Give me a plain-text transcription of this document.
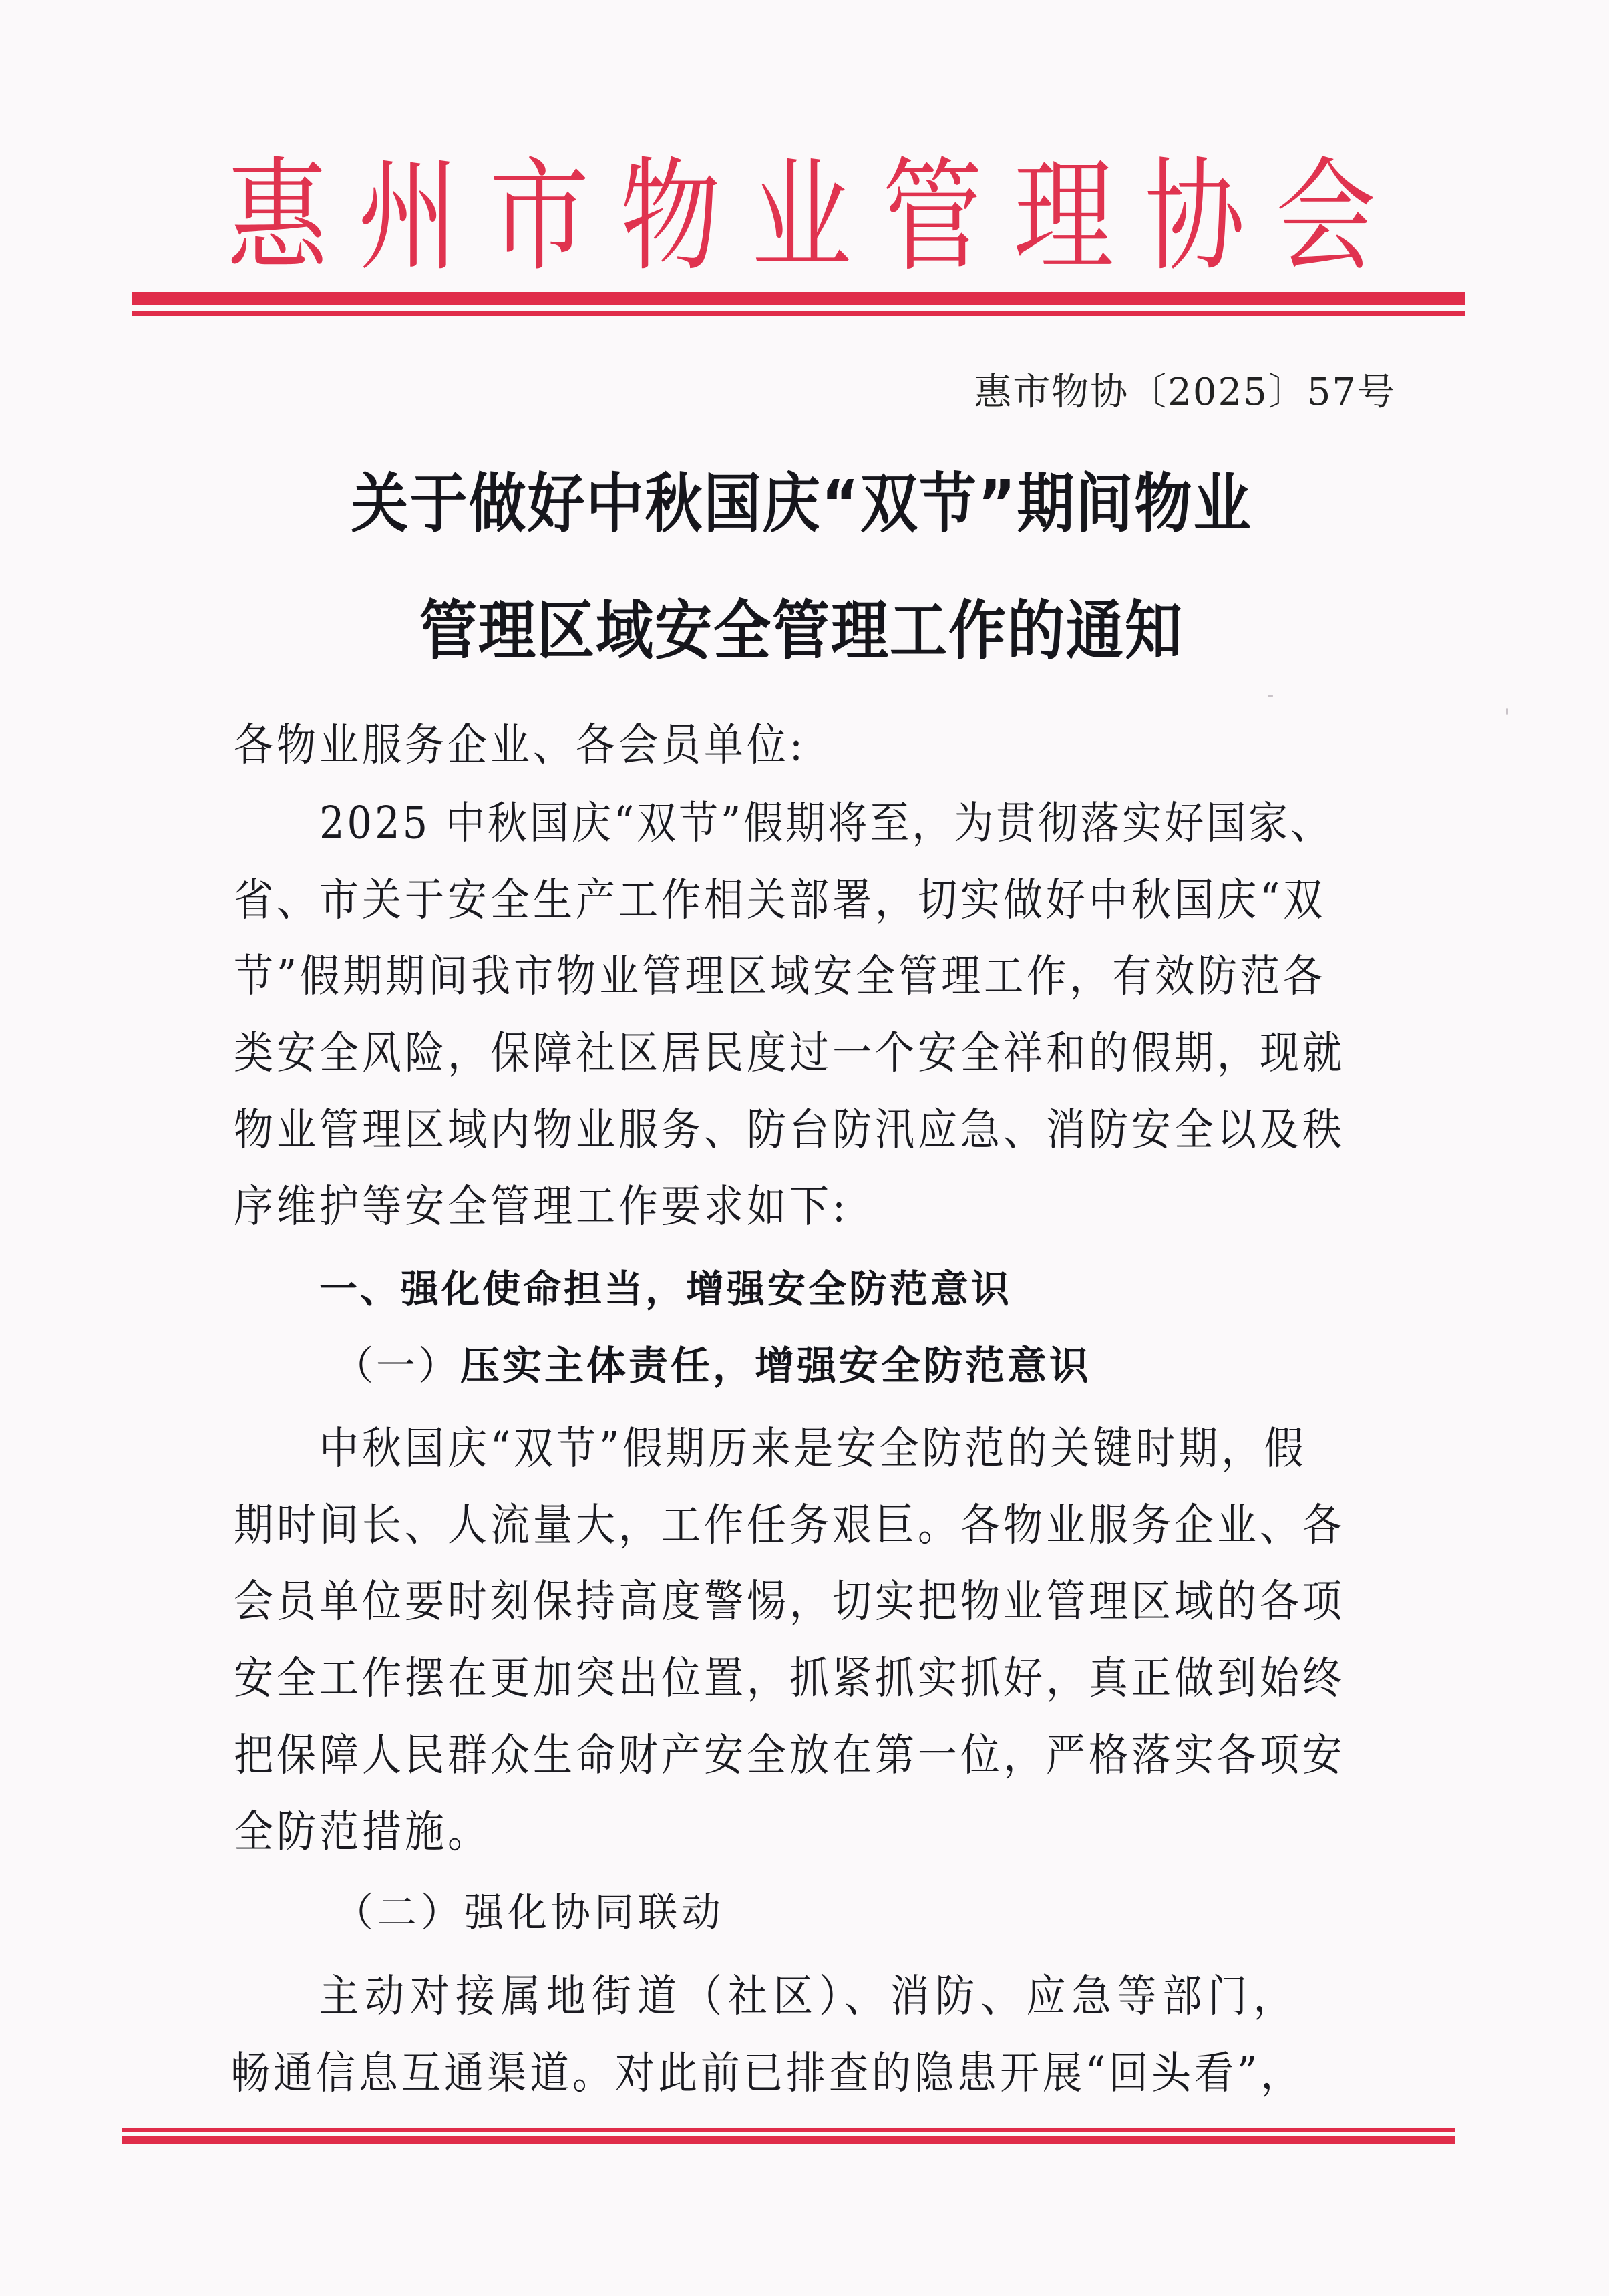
惠 州 市 物 业 管 理 协 会
惠市物协〔2025〕57号
关于做好中秋国庆“双节”期间物业
管理区域安全管理工作的通知
各物业服务企业、各会员单位:
2025 中秋国庆“双节”假期将至，为贯彻落实好国家、
省、市关于安全生产工作相关部署，切实做好中秋国庆“双
节”假期期间我市物业管理区域安全管理工作，有效防范各
类安全风险，保障社区居民度过一个安全祥和的假期，现就
物业管理区域内物业服务、防台防汛应急、消防安全以及秩
序维护等安全管理工作要求如下:
一、强化使命担当，增强安全防范意识
（一）压实主体责任，增强安全防范意识
中秋国庆“双节”假期历来是安全防范的关键时期，假
期时间长、人流量大，工作任务艰巨。各物业服务企业、各
会员单位要时刻保持高度警惕，切实把物业管理区域的各项
安全工作摆在更加突出位置，抓紧抓实抓好，真正做到始终
把保障人民群众生命财产安全放在第一位，严格落实各项安
全防范措施。
（二）强化协同联动
主动对接属地街道（社区）、消防、应急等部门，
畅通信息互通渠道。对此前已排查的隐患开展“回头看”，
